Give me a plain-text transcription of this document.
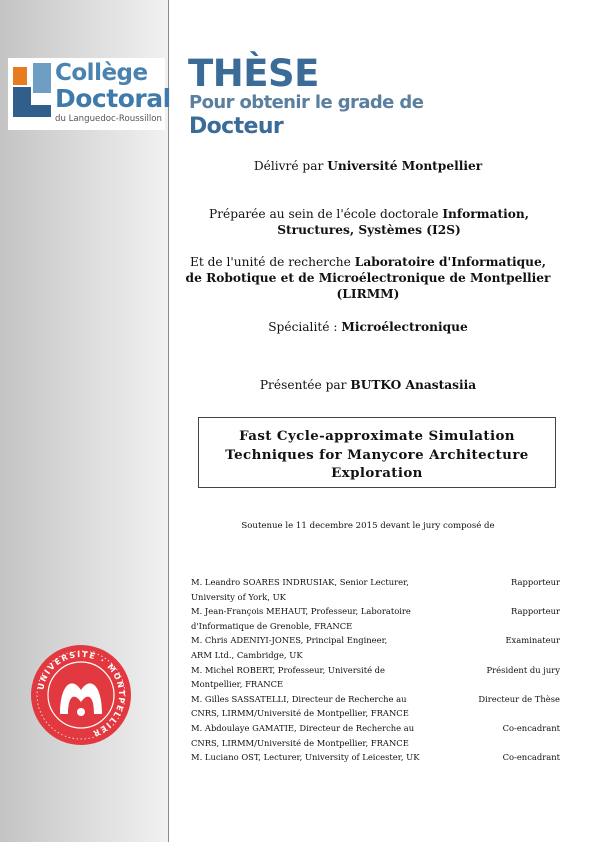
Collège
Doctoral
du Languedoc-Roussillon
UNIVERSITÉ · MONTPELLIER
THÈSE
Pour obtenir le grade de
Docteur
Délivré par Université Montpellier
Préparée au sein de l'école doctorale Information, Structures, Systèmes (I2S)
Et de l'unité de recherche Laboratoire d'Informatique, de Robotique et de Microélectronique de Montpellier (LIRMM)
Spécialité : Microélectronique
Présentée par BUTKO Anastasiia
Fast Cycle-approximate Simulation
Techniques for Manycore Architecture
Exploration
Soutenue le 11 decembre 2015 devant le jury composé de
M. Leandro SOARES INDRUSIAK, Senior Lecturer,
University of York, UK
Rapporteur
M. Jean-François MEHAUT, Professeur, Laboratoire
d'Informatique de Grenoble, FRANCE
Rapporteur
M. Chris ADENIYI-JONES, Principal Engineer,
ARM Ltd., Cambridge, UK
Examinateur
M. Michel ROBERT, Professeur, Université de
Montpellier, FRANCE
Président du jury
M. Gilles SASSATELLI, Directeur de Recherche au
CNRS, LIRMM/Université de Montpellier, FRANCE
Directeur de Thèse
M. Abdoulaye GAMATIE, Directeur de Recherche au
CNRS, LIRMM/Université de Montpellier, FRANCE
Co-encadrant
M. Luciano OST, Lecturer, University of Leicester, UK	Co-encadrant
